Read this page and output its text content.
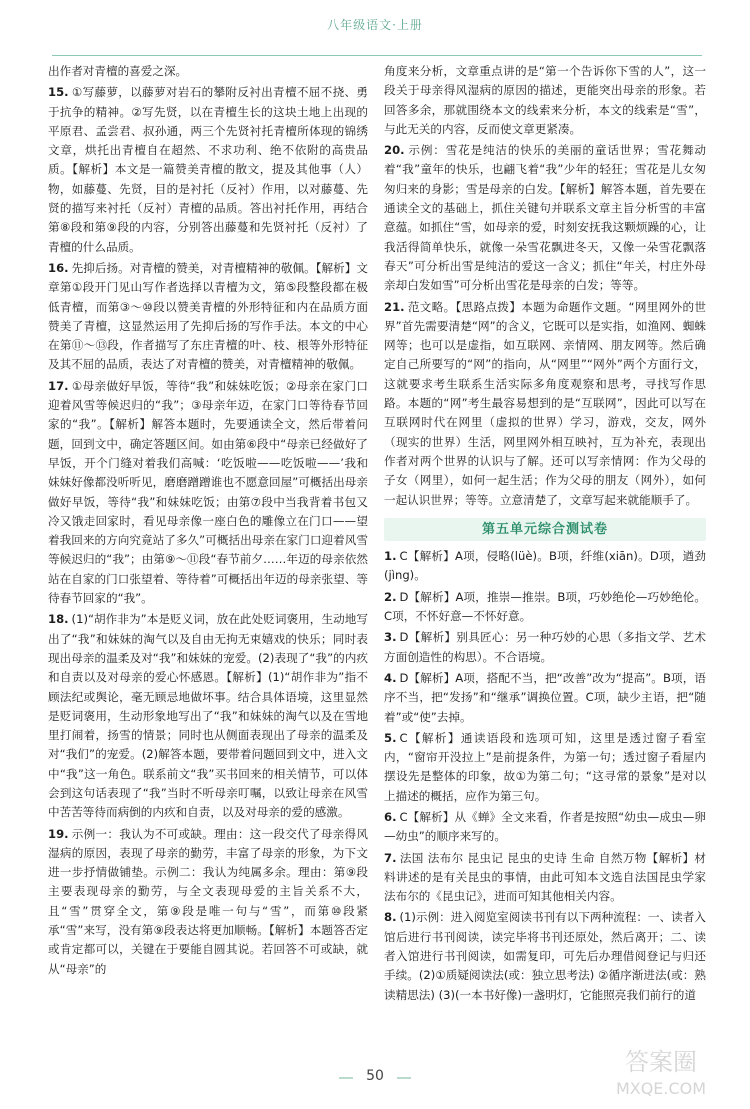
八年级语文·上册
出作者对青檀的喜爱之深。
15. ①写藤萝，以藤萝对岩石的攀附反衬出青檀不屈不挠、勇于抗争的精神。②写先贤，以在青檀生长的这块土地上出现的平原君、孟尝君、叔孙通，两三个先贤衬托青檀所体现的锦绣文章，烘托出青檀自在超然、不求功利、绝不依附的高贵品质。【解析】本文是一篇赞美青檀的散文，提及其他事（人）物，如藤蔓、先贤，目的是衬托（反衬）作用，以对藤蔓、先贤的描写来衬托（反衬）青檀的品质。答出衬托作用，再结合第⑧段和第⑨段的内容，分别答出藤蔓和先贤衬托（反衬）了青檀的什么品质。
16. 先抑后扬。对青檀的赞美，对青檀精神的敬佩。【解析】文章第①段开门见山写作者选择以青檀为文，第⑤段整段都在极低青檀，而第③～⑩段以赞美青檀的外形特征和内在品质方面赞美了青檀，这显然运用了先抑后扬的写作手法。本文的中心在第⑪～⑬段，作者描写了东庄青檀的叶、枝、根等外形特征及其不屈的品质，表达了对青檀的赞美，对青檀精神的敬佩。
17. ①母亲做好早饭，等待“我”和妹妹吃饭；②母亲在家门口迎着风雪等候迟归的“我”；③母亲年迈，在家门口等待春节回家的“我”。【解析】解答本题时，先要通读全文，然后带着问题，回到文中，确定答题区间。如由第⑥段中“母亲已经做好了早饭，开个门缝对着我们高喊：‘吃饭啦——吃饭啦——’我和妹妹好像都没听听见，磨磨蹭蹭谁也不愿意回屋”可概括出母亲做好早饭，等待“我”和妹妹吃饭；由第⑦段中当我背着书包又冷又饿走回家时，看见母亲像一座白色的雕像立在门口——望着我回来的方向究竟站了多久”可概括出母亲在家门口迎着风雪等候迟归的“我”；由第⑨～⑪段“春节前夕……年迈的母亲依然站在自家的门口张望着、等待着”可概括出年迈的母亲张望、等待春节回家的“我”。
18. (1)“胡作非为”本是贬义词，放在此处贬词褒用，生动地写出了“我”和妹妹的淘气以及自由无拘无束嬉戏的快乐；同时表现出母亲的温柔及对“我”和妹妹的宠爱。(2)表现了“我”的内疚和自责以及对母亲的爱心怀感恩。【解析】(1)“胡作非为”指不顾法纪或舆论，毫无顾忌地做坏事。结合具体语境，这里显然是贬词褒用，生动形象地写出了“我”和妹妹的淘气以及在雪地里打闹着，扬雪的情景；同时也从侧面表现出了母亲的温柔及对“我们”的宠爱。(2)解答本题，要带着问题回到文中，进入文中“我”这一角色。联系前文“我”买书回来的相关情节，可以体会到这句话表现了“我”当时不听母亲叮嘱，以致让母亲在风雪中苦苦等待而病倒的内疚和自责，以及对母亲的爱的感激。
19. 示例一：我认为不可或缺。理由：这一段交代了母亲得风湿病的原因，表现了母亲的勤劳，丰富了母亲的形象，为下文进一步抒情做铺垫。示例二：我认为纯属多余。理由：第⑨段主要表现母亲的勤劳，与全文表现母爱的主旨关系不大，且“雪”贯穿全文，第⑨段是唯一句与“雪”，而第⑩段紧承“雪”来写，没有第⑨段表达将更加顺畅。【解析】本题答否定或肯定都可以，关键在于要能自圆其说。若回答不可或缺，就从“母亲”的
角度来分析，文章重点讲的是“第一个告诉你下雪的人”，这一段关于母亲得风湿病的原因的描述，更能突出母亲的形象。若回答多余，那就围绕本文的线索来分析，本文的线索是“雪”，与此无关的内容，反而使文章更紧凑。
20. 示例：雪花是纯洁的快乐的美丽的童话世界；雪花舞动着“我”童年的快乐，也翩飞着“我”少年的轻狂；雪花是儿女匆匆归来的身影；雪是母亲的白发。【解析】解答本题，首先要在通读全文的基础上，抓住关键句并联系文章主旨分析雪的丰富意蕴。如抓住“雪，如母亲的爱，时刻安抚我这颗烦躁的心，让我活得简单快乐，就像一朵雪花飘进冬天，又像一朵雪花飘落春天”可分析出雪是纯洁的爱这一含义；抓住“年关，村庄外母亲却白发如雪”可分析出雪花是母亲的白发；等等。
21. 范文略。【思路点拨】本题为命题作文题。“网里网外的世界”首先需要清楚“网”的含义，它既可以是实指，如渔网、蜘蛛网等；也可以是虚指，如互联网、亲情网、朋友网等。然后确定自己所要写的“网”的指向，从“网里”“网外”两个方面行文，这就要求考生联系生活实际多角度观察和思考，寻找写作思路。本题的“网”考生最容易想到的是“互联网”，因此可以写在互联网时代在网里（虚拟的世界）学习，游戏，交友，网外（现实的世界）生活，网里网外相互映衬，互为补充，表现出作者对两个世界的认识与了解。还可以写亲情网：作为父母的子女（网里），如何一起生活；作为父母的朋友（网外），如何一起认识世界；等等。立意清楚了，文章写起来就能顺手了。
第五单元综合测试卷
1. C【解析】A项，侵略(lüè)。B项，纤维(xiān)。D项，遒劲(jìng)。
2. D【解析】A项，推崇—推崇。B项，巧妙绝伦—巧妙绝伦。C项，不怀好意—不怀好意。
3. D【解析】别具匠心：另一种巧妙的心思（多指文学、艺术方面创造性的构思）。不合语境。
4. D【解析】A项，搭配不当，把“改善”改为“提高”。B项，语序不当，把“发扬”和“继承”调换位置。C项，缺少主语，把“随着”或“使”去掉。
5. C【解析】通读语段和选项可知，这里是透过窗子看室内，“窗帘开没拉上”是前提条件，为第一句；透过窗子看屋内摆设先是整体的印象，故①为第二句；“这寻常的景象”是对以上描述的概括，应作为第三句。
6. C【解析】从《蝉》全文来看，作者是按照“幼虫—成虫—卵—幼虫”的顺序来写的。
7. 法国 法布尔 昆虫记 昆虫的史诗 生命 自然万物【解析】材料讲述的是有关昆虫的事情，由此可知本文选自法国昆虫学家法布尔的《昆虫记》，进而可知其他相关内容。
8. (1)示例：进入阅览室阅读书刊有以下两种流程：一、读者入馆后进行书刊阅读，读完毕将书刊还原处，然后离开；二、读者入馆进行书刊阅读，如需复印，可先后办理借阅登记与归还手续。(2)①质疑阅读法(或：独立思考法) ②循序渐进法(或：熟读精思法) (3)(一本书好像)一盏明灯，它能照亮我们前行的道
50	答案圈
MXQE.COM
